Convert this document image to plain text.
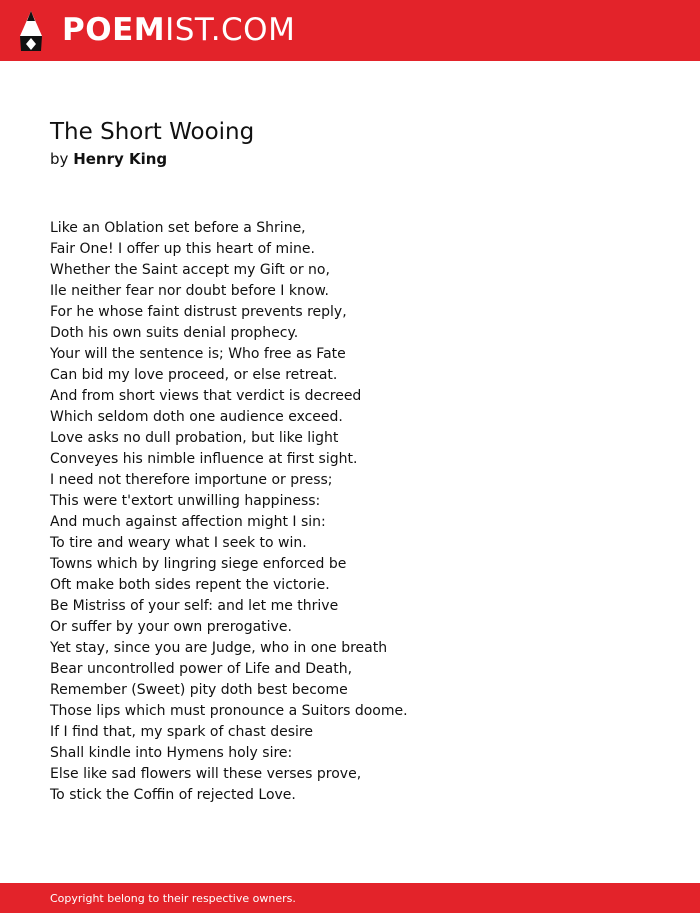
POEMIST.COM
The Short Wooing
by Henry King
Like an Oblation set before a Shrine,
Fair One! I offer up this heart of mine.
Whether the Saint accept my Gift or no,
Ile neither fear nor doubt before I know.
For he whose faint distrust prevents reply,
Doth his own suits denial prophecy.
Your will the sentence is; Who free as Fate
Can bid my love proceed, or else retreat.
And from short views that verdict is decreed
Which seldom doth one audience exceed.
Love asks no dull probation, but like light
Conveyes his nimble influence at first sight.
I need not therefore importune or press;
This were t'extort unwilling happiness:
And much against affection might I sin:
To tire and weary what I seek to win.
Towns which by lingring siege enforced be
Oft make both sides repent the victorie.
Be Mistriss of your self: and let me thrive
Or suffer by your own prerogative.
Yet stay, since you are Judge, who in one breath
Bear uncontrolled power of Life and Death,
Remember (Sweet) pity doth best become
Those lips which must pronounce a Suitors doome.
If I find that, my spark of chast desire
Shall kindle into Hymens holy sire:
Else like sad flowers will these verses prove,
To stick the Coffin of rejected Love.
Copyright belong to their respective owners.
